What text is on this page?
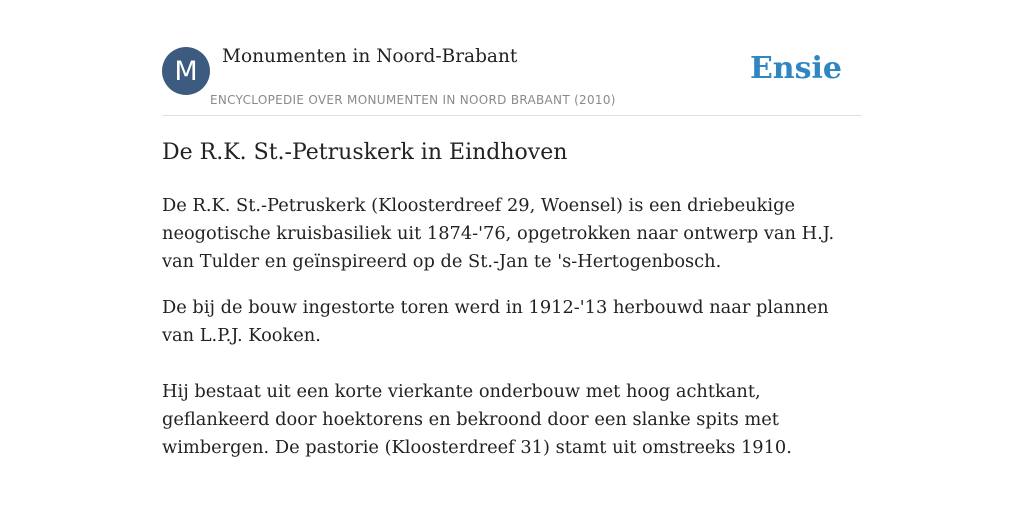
M Monumenten in Noord-Brabant
ENCYCLOPEDIE OVER MONUMENTEN IN NOORD BRABANT (2010)
Ensie
De R.K. St.-Petruskerk in Eindhoven

De R.K. St.-Petruskerk (Kloosterdreef 29, Woensel) is een driebeukige neogotische kruisbasiliek uit 1874-'76, opgetrokken naar ontwerp van H.J. van Tulder en geïnspireerd op de St.-Jan te 's-Hertogenbosch.

De bij de bouw ingestorte toren werd in 1912-'13 herbouwd naar plannen van L.P.J. Kooken.

Hij bestaat uit een korte vierkante onderbouw met hoog achtkant, geflankeerd door hoektorens en bekroond door een slanke spits met wimbergen. De pastorie (Kloosterdreef 31) stamt uit omstreeks 1910.
